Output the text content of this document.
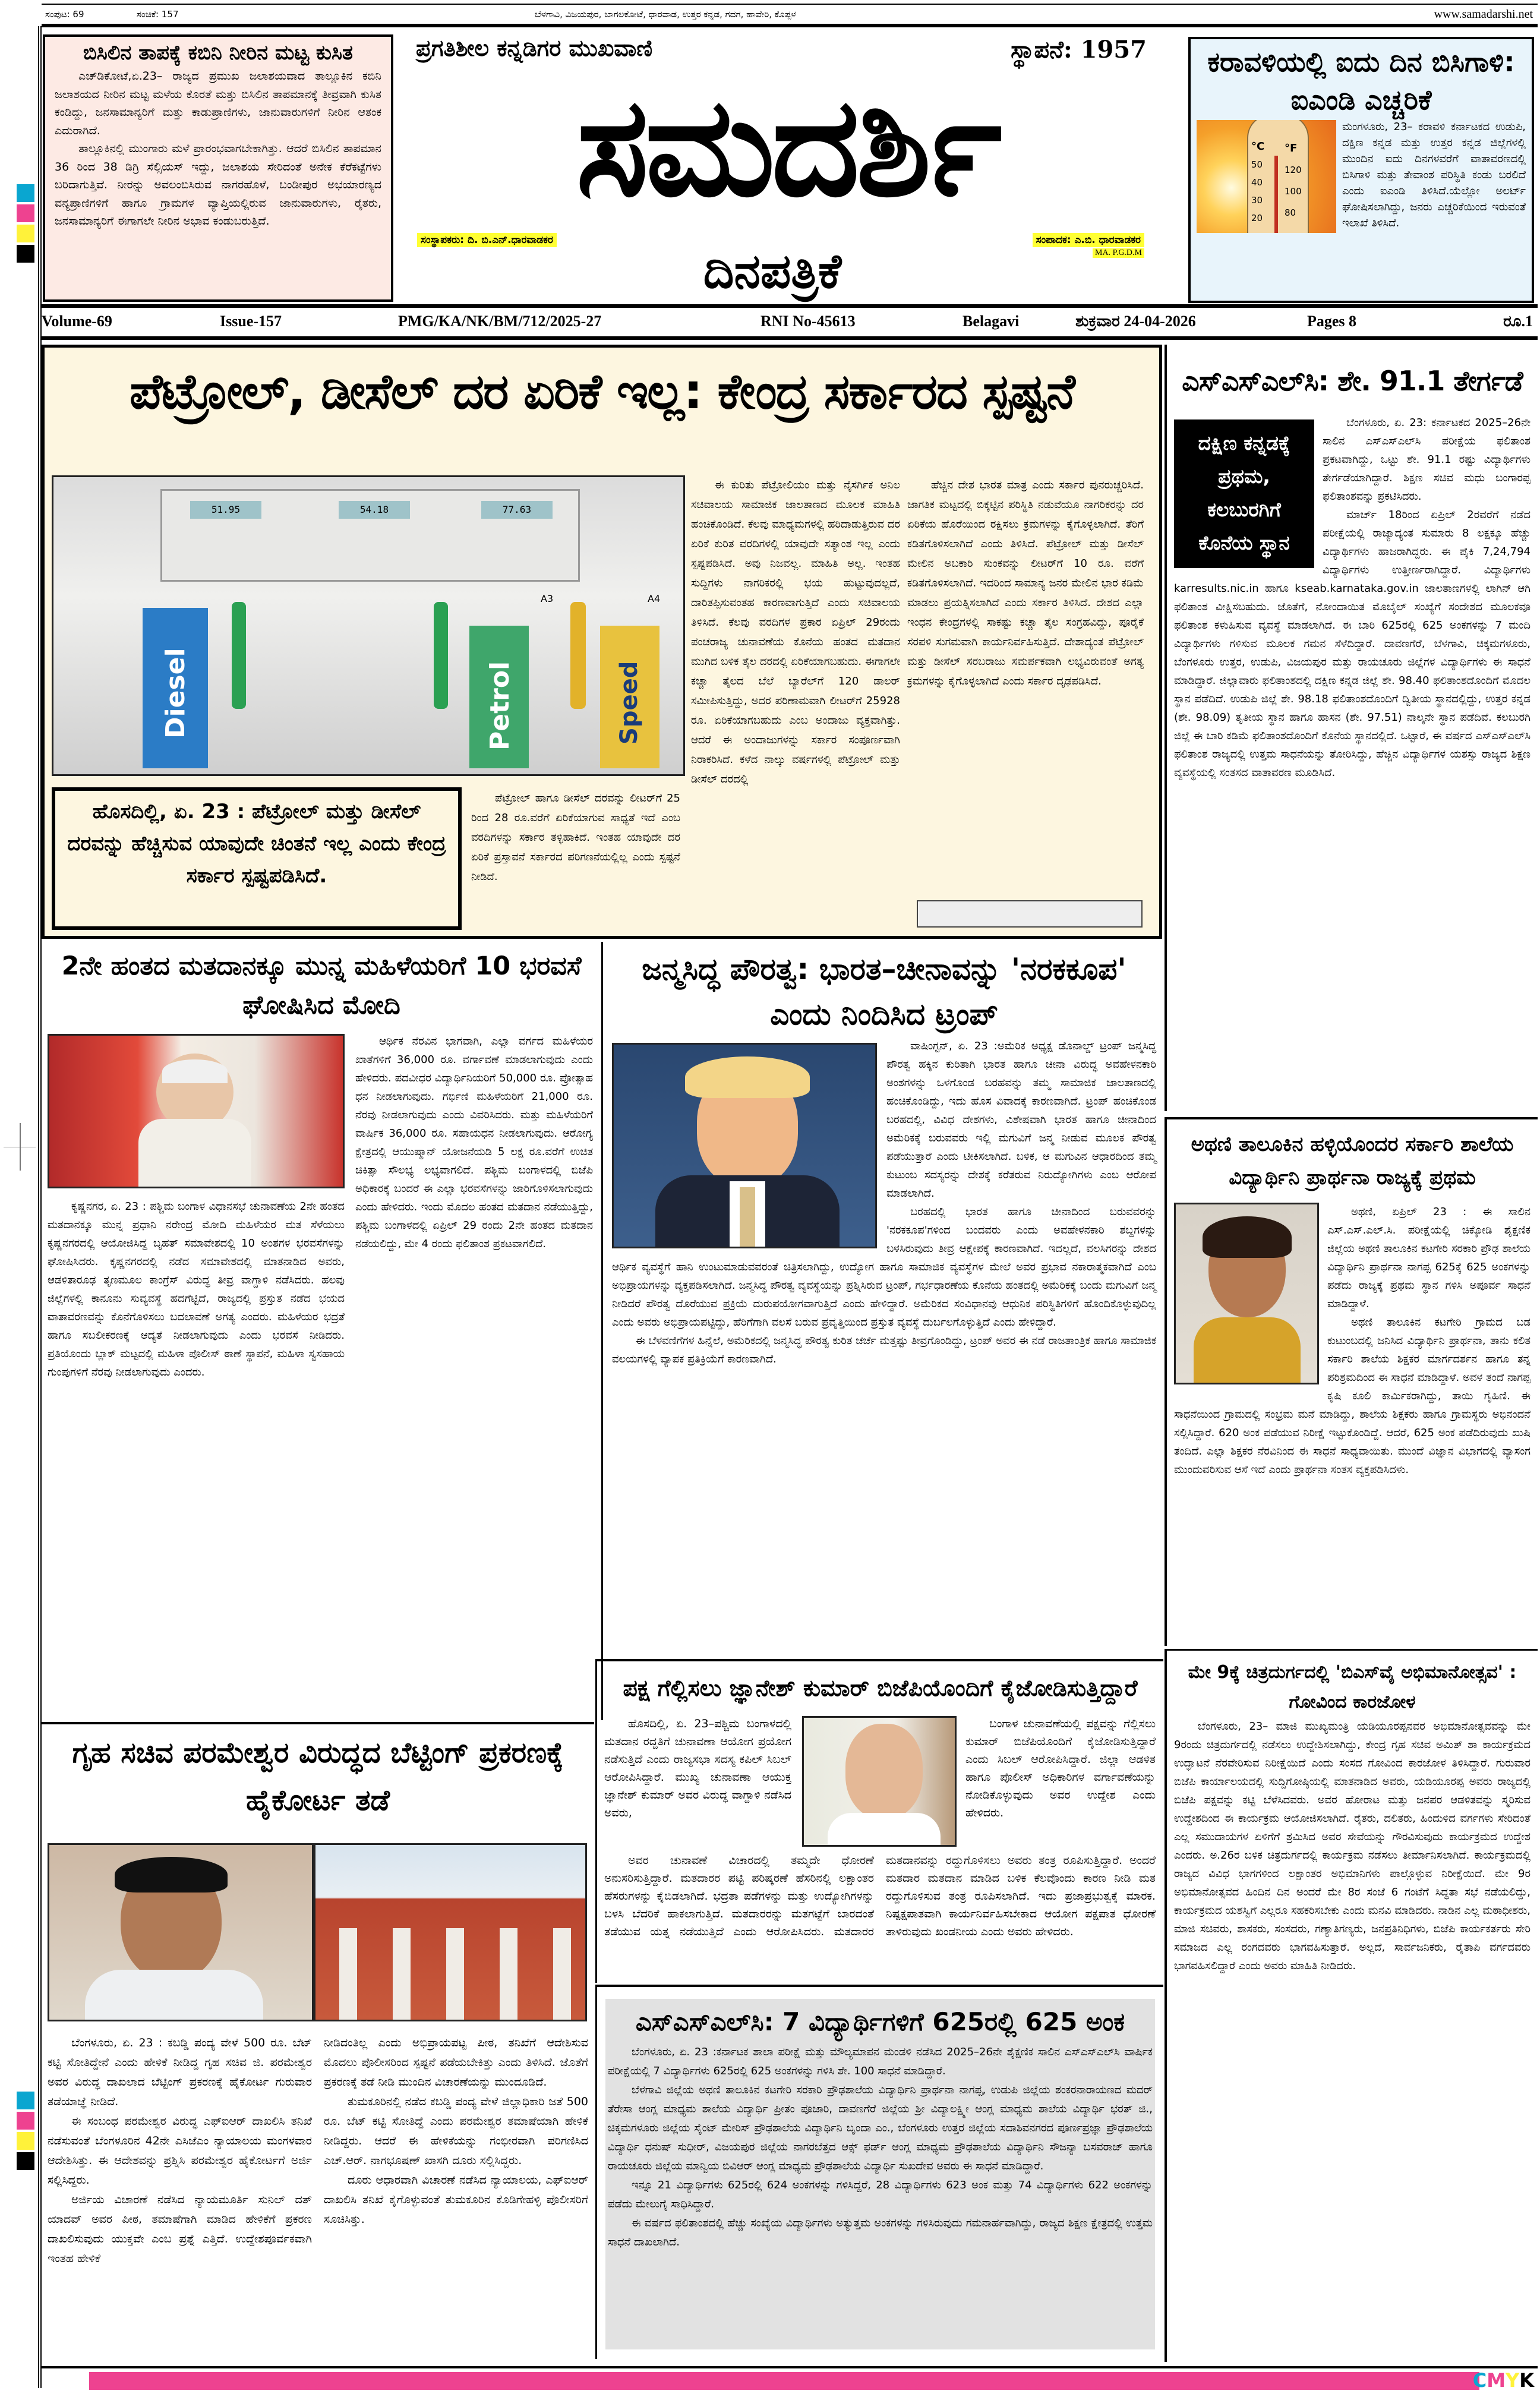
ಸಂಪುಟ: 69	ಸಂಚಿಕೆ: 157	ಬೆಳಗಾವಿ, ವಿಜಯಪುರ, ಬಾಗಲಕೋಟೆ, ಧಾರವಾಡ, ಉತ್ತರ ಕನ್ನಡ, ಗದಗ, ಹಾವೇರಿ, ಕೊಪ್ಪಳ	www.samadarshi.net
ಬಿಸಿಲಿನ ತಾಪಕ್ಕೆ ಕಬಿನಿ ನೀರಿನ ಮಟ್ಟ ಕುಸಿತ

ಎಚ್‌ಡಿಕೋಟೆ,ಏ.23– ರಾಜ್ಯದ ಪ್ರಮುಖ ಜಲಾಶಯವಾದ ತಾಲ್ಲೂಕಿನ ಕಬಿನಿ ಜಲಾಶಯದ ನೀರಿನ ಮಟ್ಟ ಮಳೆಯ ಕೊರತೆ ಮತ್ತು ಬಿಸಿಲಿನ ತಾಪಮಾನಕ್ಕೆ ತೀವ್ರವಾಗಿ ಕುಸಿತ ಕಂಡಿದ್ದು, ಜನಸಾಮಾನ್ಯರಿಗೆ ಮತ್ತು ಕಾಡುಪ್ರಾಣಿಗಳು, ಜಾನುವಾರುಗಳಿಗೆ ನೀರಿನ ಆತಂಕ ಎದುರಾಗಿದೆ.

ತಾಲ್ಲೂಕಿನಲ್ಲಿ ಮುಂಗಾರು ಮಳೆ ಪ್ರಾರಂಭವಾಗಬೇಕಾಗಿತ್ತು. ಆದರೆ ಬಿಸಿಲಿನ ತಾಪಮಾನ 36 ರಿಂದ 38 ಡಿಗ್ರಿ ಸೆಲ್ಸಿಯಸ್ ಇದ್ದು, ಜಲಾಶಯ ಸೇರಿದಂತೆ ಅನೇಕ ಕೆರೆಕಟ್ಟೆಗಳು ಬರಿದಾಗುತ್ತಿವೆ. ನೀರನ್ನು ಅವಲಂಬಿಸಿರುವ ನಾಗರಹೊಳೆ, ಬಂಡೀಪುರ ಅಭಯಾರಣ್ಯದ ವನ್ಯಪ್ರಾಣಿಗಳಿಗೆ ಹಾಗೂ ಗ್ರಾಮಗಳ ವ್ಯಾಪ್ತಿಯಲ್ಲಿರುವ ಜಾನುವಾರುಗಳು, ರೈತರು, ಜನಸಾಮಾನ್ಯರಿಗೆ ಈಗಾಗಲೇ ನೀರಿನ ಅಭಾವ ಕಂಡುಬರುತ್ತಿದೆ.

ಪ್ರಗತಿಶೀಲ ಕನ್ನಡಿಗರ ಮುಖವಾಣಿ	ಸ್ಥಾಪನೆ: 1957
ಸಮದರ್ಶಿ
ಸಂಸ್ಥಾಪಕರು: ದಿ. ಬಿ.ಎನ್.ಧಾರವಾಡಕರ
ದಿನಪತ್ರಿಕೆ
ಸಂಪಾದಕ: ಎ.ಬಿ. ಧಾರವಾಡಕರ
MA. P.G.D.M
ಕರಾವಳಿಯಲ್ಲಿ ಐದು ದಿನ ಬಿಸಿಗಾಳಿ: ಐಎಂಡಿ ಎಚ್ಚರಿಕೆ
°C
50
40
30
20
°F
120
100
80
ಮಂಗಳೂರು, 23– ಕರಾವಳಿ ಕರ್ನಾಟಕದ ಉಡುಪಿ, ದಕ್ಷಿಣ ಕನ್ನಡ ಮತ್ತು ಉತ್ತರ ಕನ್ನಡ ಜಿಲ್ಲೆಗಳಲ್ಲಿ ಮುಂದಿನ ಐದು ದಿನಗಳವರೆಗೆ ವಾತಾವರಣದಲ್ಲಿ ಬಿಸಿಗಾಳಿ ಮತ್ತು ತೇವಾಂಶ ಪರಿಸ್ಥಿತಿ ಕಂಡು ಬರಲಿದೆ ಎಂದು ಐಎಂಡಿ ತಿಳಿಸಿದೆ.ಯೆಲ್ಲೋ ಅಲರ್ಟ್ ಘೋಷಿಸಲಾಗಿದ್ದು, ಜನರು ಎಚ್ಚರಿಕೆಯಿಂದ ಇರುವಂತೆ ಇಲಾಖೆ ತಿಳಿಸಿದೆ.
Volume-69	Issue-157	PMG/KA/NK/BM/712/2025-27	RNI No-45613	Belagavi	ಶುಕ್ರವಾರ 24-04-2026	Pages 8	ರೂ.1
ಪೆಟ್ರೋಲ್, ಡೀಸೆಲ್ ದರ ಏರಿಕೆ ಇಲ್ಲ: ಕೇಂದ್ರ ಸರ್ಕಾರದ ಸ್ಪಷ್ಟನೆ
51.95	54.18	77.63
Diesel	Petrol	Speed
A3	A4
ಹೊಸದಿಲ್ಲಿ, ಏ. 23 : ಪೆಟ್ರೋಲ್ ಮತ್ತು ಡೀಸೆಲ್ ದರವನ್ನು ಹೆಚ್ಚಿಸುವ ಯಾವುದೇ ಚಿಂತನೆ ಇಲ್ಲ ಎಂದು ಕೇಂದ್ರ ಸರ್ಕಾರ ಸ್ಪಷ್ಟಪಡಿಸಿದೆ.
ಪೆಟ್ರೋಲ್ ಹಾಗೂ ಡೀಸೆಲ್ ದರವನ್ನು ಲೀಟರ್‌ಗೆ 25 ರಿಂದ 28 ರೂ.ವರೆಗೆ ಏರಿಕೆಯಾಗುವ ಸಾಧ್ಯತೆ ಇದೆ ಎಂಬ ವರದಿಗಳನ್ನು ಸರ್ಕಾರ ತಳ್ಳಿಹಾಕಿದೆ. ಇಂತಹ ಯಾವುದೇ ದರ ಏರಿಕೆ ಪ್ರಸ್ತಾವನೆ ಸರ್ಕಾರದ ಪರಿಗಣನೆಯಲ್ಲಿಲ್ಲ ಎಂದು ಸ್ಪಷ್ಟನೆ ನೀಡಿದೆ.
ಈ ಕುರಿತು ಪೆಟ್ರೋಲಿಯಂ ಮತ್ತು ನೈಸರ್ಗಿಕ ಅನಿಲ ಸಚಿವಾಲಯ ಸಾಮಾಜಿಕ ಜಾಲತಾಣದ ಮೂಲಕ ಮಾಹಿತಿ ಹಂಚಿಕೊಂಡಿದೆ. ಕೆಲವು ಮಾಧ್ಯಮಗಳಲ್ಲಿ ಹರಿದಾಡುತ್ತಿರುವ ದರ ಏರಿಕೆ ಕುರಿತ ವರದಿಗಳಲ್ಲಿ ಯಾವುದೇ ಸತ್ಯಾಂಶ ಇಲ್ಲ ಎಂದು ಸ್ಪಷ್ಟಪಡಿಸಿದೆ. ಅವು ನಿಜವಲ್ಲ. ಮಾಹಿತಿ ಅಲ್ಲ. ಇಂತಹ ಸುದ್ದಿಗಳು ನಾಗರಿಕರಲ್ಲಿ ಭಯ ಹುಟ್ಟುವುದಲ್ಲದೆ, ದಾರಿತಪ್ಪಿಸುವಂತಹ ಕಾರಣವಾಗುತ್ತಿದೆ ಎಂದು ಸಚಿವಾಲಯ ತಿಳಿಸಿದೆ. ಕೆಲವು ವರದಿಗಳ ಪ್ರಕಾರ ಏಪ್ರಿಲ್ 29ರಂದು ಪಂಚರಾಜ್ಯ ಚುನಾವಣೆಯ ಕೊನೆಯ ಹಂತದ ಮತದಾನ ಮುಗಿದ ಬಳಿಕ ತೈಲ ದರದಲ್ಲಿ ಏರಿಕೆಯಾಗಬಹುದು. ಈಗಾಗಲೇ ಕಚ್ಚಾ ತೈಲದ ಬೆಲೆ ಬ್ಯಾರೆಲ್‌ಗೆ 120 ಡಾಲರ್ ಸಮೀಪಿಸುತ್ತಿದ್ದು, ಅದರ ಪರಿಣಾಮವಾಗಿ ಲೀಟರ್‌ಗೆ 25928 ರೂ. ಏರಿಕೆಯಾಗಬಹುದು ಎಂಬ ಅಂದಾಜು ವ್ಯಕ್ತವಾಗಿತ್ತು. ಆದರೆ ಈ ಅಂದಾಜುಗಳನ್ನು ಸರ್ಕಾರ ಸಂಪೂರ್ಣವಾಗಿ ನಿರಾಕರಿಸಿದೆ. ಕಳೆದ ನಾಲ್ಕು ವರ್ಷಗಳಲ್ಲಿ ಪೆಟ್ರೋಲ್ ಮತ್ತು ಡೀಸೆಲ್ ದರದಲ್ಲಿ
ಹೆಚ್ಚಿನ ದೇಶ ಭಾರತ ಮಾತ್ರ ಎಂದು ಸರ್ಕಾರ ಪುನರುಚ್ಚರಿಸಿದೆ. ಜಾಗತಿಕ ಮಟ್ಟದಲ್ಲಿ ಬಿಕ್ಕಟ್ಟಿನ ಪರಿಸ್ಥಿತಿ ನಡುವೆಯೂ ನಾಗರಿಕರನ್ನು ದರ ಏರಿಕೆಯ ಹೊರೆಯಿಂದ ರಕ್ಷಿಸಲು ಕ್ರಮಗಳನ್ನು ಕೈಗೊಳ್ಳಲಾಗಿದೆ. ತೆರಿಗೆ ಕಡಿತಗೊಳಿಸಲಾಗಿದೆ ಎಂದು ತಿಳಿಸಿದೆ. ಪೆಟ್ರೋಲ್ ಮತ್ತು ಡೀಸೆಲ್ ಮೇಲಿನ ಅಬಕಾರಿ ಸುಂಕವನ್ನು ಲೀಟರ್‌ಗೆ 10 ರೂ. ವರೆಗೆ ಕಡಿತಗೊಳಿಸಲಾಗಿದೆ. ಇದರಿಂದ ಸಾಮಾನ್ಯ ಜನರ ಮೇಲಿನ ಭಾರ ಕಡಿಮೆ ಮಾಡಲು ಪ್ರಯತ್ನಿಸಲಾಗಿದೆ ಎಂದು ಸರ್ಕಾರ ತಿಳಿಸಿದೆ. ದೇಶದ ಎಲ್ಲಾ ಇಂಧನ ಕೇಂದ್ರಗಳಲ್ಲಿ ಸಾಕಷ್ಟು ಕಚ್ಚಾ ತೈಲ ಸಂಗ್ರಹವಿದ್ದು, ಪೂರೈಕೆ ಸರಪಳಿ ಸುಗಮವಾಗಿ ಕಾರ್ಯನಿರ್ವಹಿಸುತ್ತಿದೆ. ದೇಶಾದ್ಯಂತ ಪೆಟ್ರೋಲ್ ಮತ್ತು ಡೀಸೆಲ್ ಸರಬರಾಜು ಸಮರ್ಪಕವಾಗಿ ಲಭ್ಯವಿರುವಂತೆ ಅಗತ್ಯ ಕ್ರಮಗಳನ್ನು ಕೈಗೊಳ್ಳಲಾಗಿದೆ ಎಂದು ಸರ್ಕಾರ ದೃಢಪಡಿಸಿದೆ.
ಎಸ್‌ಎಸ್‌ಎಲ್‌ಸಿ: ಶೇ. 91.1 ತೇರ್ಗಡೆ
ದಕ್ಷಿಣ ಕನ್ನಡಕ್ಕೆ ಪ್ರಥಮ, ಕಲಬುರಗಿಗೆ ಕೊನೆಯ ಸ್ಥಾನ

ಬೆಂಗಳೂರು, ಏ. 23: ಕರ್ನಾಟಕದ 2025–26ನೇ ಸಾಲಿನ ಎಸ್‌ಎಸ್‌ಎಲ್‌ಸಿ ಪರೀಕ್ಷೆಯ ಫಲಿತಾಂಶ ಪ್ರಕಟವಾಗಿದ್ದು, ಒಟ್ಟು ಶೇ. 91.1 ರಷ್ಟು ವಿದ್ಯಾರ್ಥಿಗಳು ತೇರ್ಗಡೆಯಾಗಿದ್ದಾರೆ. ಶಿಕ್ಷಣ ಸಚಿವ ಮಧು ಬಂಗಾರಪ್ಪ ಫಲಿತಾಂಶವನ್ನು ಪ್ರಕಟಿಸಿದರು.

ಮಾರ್ಚ್ 18ರಿಂದ ಏಪ್ರಿಲ್ 2ರವರೆಗೆ ನಡೆದ ಪರೀಕ್ಷೆಯಲ್ಲಿ ರಾಜ್ಯಾದ್ಯಂತ ಸುಮಾರು 8 ಲಕ್ಷಕ್ಕೂ ಹೆಚ್ಚು ವಿದ್ಯಾರ್ಥಿಗಳು ಹಾಜರಾಗಿದ್ದರು. ಈ ಪೈಕಿ 7,24,794 ವಿದ್ಯಾರ್ಥಿಗಳು ಉತ್ತೀರ್ಣರಾಗಿದ್ದಾರೆ. ವಿದ್ಯಾರ್ಥಿಗಳು karresults.nic.in ಹಾಗೂ kseab.karnataka.gov.in ಜಾಲತಾಣಗಳಲ್ಲಿ ಲಾಗಿನ್ ಆಗಿ ಫಲಿತಾಂಶ ವೀಕ್ಷಿಸಬಹುದು. ಜೊತೆಗೆ, ನೋಂದಾಯಿತ ಮೊಬೈಲ್ ಸಂಖ್ಯೆಗೆ ಸಂದೇಶದ ಮೂಲಕವೂ ಫಲಿತಾಂಶ ಕಳುಹಿಸುವ ವ್ಯವಸ್ಥೆ ಮಾಡಲಾಗಿದೆ. ಈ ಬಾರಿ 625ರಲ್ಲಿ 625 ಅಂಕಗಳನ್ನು 7 ಮಂದಿ ವಿದ್ಯಾರ್ಥಿಗಳು ಗಳಿಸುವ ಮೂಲಕ ಗಮನ ಸೆಳೆದಿದ್ದಾರೆ. ದಾವಣಗೆರೆ, ಬೆಳಗಾವಿ, ಚಿಕ್ಕಮಗಳೂರು, ಬೆಂಗಳೂರು ಉತ್ತರ, ಉಡುಪಿ, ವಿಜಯಪುರ ಮತ್ತು ರಾಯಚೂರು ಜಿಲ್ಲೆಗಳ ವಿದ್ಯಾರ್ಥಿಗಳು ಈ ಸಾಧನೆ ಮಾಡಿದ್ದಾರೆ. ಜಿಲ್ಲಾವಾರು ಫಲಿತಾಂಶದಲ್ಲಿ ದಕ್ಷಿಣ ಕನ್ನಡ ಜಿಲ್ಲೆ ಶೇ. 98.40 ಫಲಿತಾಂಶದೊಂದಿಗೆ ಮೊದಲ ಸ್ಥಾನ ಪಡೆದಿದೆ. ಉಡುಪಿ ಜಿಲ್ಲೆ ಶೇ. 98.18 ಫಲಿತಾಂಶದೊಂದಿಗೆ ದ್ವಿತೀಯ ಸ್ಥಾನದಲ್ಲಿದ್ದು, ಉತ್ತರ ಕನ್ನಡ (ಶೇ. 98.09) ತೃತೀಯ ಸ್ಥಾನ ಹಾಗೂ ಹಾಸನ (ಶೇ. 97.51) ನಾಲ್ಕನೇ ಸ್ಥಾನ ಪಡೆದಿವೆ. ಕಲಬುರಗಿ ಜಿಲ್ಲೆ ಈ ಬಾರಿ ಕಡಿಮೆ ಫಲಿತಾಂಶದೊಂದಿಗೆ ಕೊನೆಯ ಸ್ಥಾನದಲ್ಲಿದೆ. ಒಟ್ಟಾರೆ, ಈ ವರ್ಷದ ಎಸ್‌ಎಸ್‌ಎಲ್‌ಸಿ ಫಲಿತಾಂಶ ರಾಜ್ಯದಲ್ಲಿ ಉತ್ತಮ ಸಾಧನೆಯನ್ನು ತೋರಿಸಿದ್ದು, ಹೆಚ್ಚಿನ ವಿದ್ಯಾರ್ಥಿಗಳ ಯಶಸ್ಸು ರಾಜ್ಯದ ಶಿಕ್ಷಣ ವ್ಯವಸ್ಥೆಯಲ್ಲಿ ಸಂತಸದ ವಾತಾವರಣ ಮೂಡಿಸಿದೆ.

2ನೇ ಹಂತದ ಮತದಾನಕ್ಕೂ ಮುನ್ನ ಮಹಿಳೆಯರಿಗೆ 10 ಭರವಸೆ ಘೋಷಿಸಿದ ಮೋದಿ
ಆರ್ಥಿಕ ನೆರವಿನ ಭಾಗವಾಗಿ, ಎಲ್ಲಾ ವರ್ಗದ ಮಹಿಳೆಯರ ಖಾತೆಗಳಿಗೆ 36,000 ರೂ. ವರ್ಗಾವಣೆ ಮಾಡಲಾಗುವುದು ಎಂದು ಹೇಳಿದರು. ಪದವೀಧರ ವಿದ್ಯಾರ್ಥಿನಿಯರಿಗೆ 50,000 ರೂ. ಪ್ರೋತ್ಸಾಹ ಧನ ನೀಡಲಾಗುವುದು. ಗರ್ಭಿಣಿ ಮಹಿಳೆಯರಿಗೆ 21,000 ರೂ. ನೆರವು ನೀಡಲಾಗುವುದು ಎಂದು ವಿವರಿಸಿದರು. ಮತ್ತು ಮಹಿಳೆಯರಿಗೆ ವಾರ್ಷಿಕ 36,000 ರೂ. ಸಹಾಯಧನ ನೀಡಲಾಗುವುದು. ಆರೋಗ್ಯ ಕ್ಷೇತ್ರದಲ್ಲಿ ಆಯುಷ್ಮಾನ್ ಯೋಜನೆಯಡಿ 5 ಲಕ್ಷ ರೂ.ವರೆಗೆ ಉಚಿತ ಚಿಕಿತ್ಸಾ ಸೌಲಭ್ಯ ಲಭ್ಯವಾಗಲಿದೆ. ಪಶ್ಚಿಮ ಬಂಗಾಳದಲ್ಲಿ ಬಿಜೆಪಿ ಅಧಿಕಾರಕ್ಕೆ ಬಂದರೆ ಈ ಎಲ್ಲಾ ಭರವಸೆಗಳನ್ನು ಜಾರಿಗೊಳಿಸಲಾಗುವುದು ಎಂದು ಹೇಳಿದರು. ಇಂದು ಮೊದಲ ಹಂತದ ಮತದಾನ ನಡೆಯುತ್ತಿದ್ದು, ಪಶ್ಚಿಮ ಬಂಗಾಳದಲ್ಲಿ ಏಪ್ರಿಲ್ 29 ರಂದು 2ನೇ ಹಂತದ ಮತದಾನ ನಡೆಯಲಿದ್ದು, ಮೇ 4 ರಂದು ಫಲಿತಾಂಶ ಪ್ರಕಟವಾಗಲಿದೆ.
ಕೃಷ್ಣನಗರ, ಏ. 23 : ಪಶ್ಚಿಮ ಬಂಗಾಳ ವಿಧಾನಸಭೆ ಚುನಾವಣೆಯ 2ನೇ ಹಂತದ ಮತದಾನಕ್ಕೂ ಮುನ್ನ ಪ್ರಧಾನಿ ನರೇಂದ್ರ ಮೋದಿ ಮಹಿಳೆಯರ ಮತ ಸೆಳೆಯಲು ಕೃಷ್ಣನಗರದಲ್ಲಿ ಆಯೋಜಿಸಿದ್ದ ಬೃಹತ್ ಸಮಾವೇಶದಲ್ಲಿ 10 ಅಂಶಗಳ ಭರವಸೆಗಳನ್ನು ಘೋಷಿಸಿದರು. ಕೃಷ್ಣನಗರದಲ್ಲಿ ನಡೆದ ಸಮಾವೇಶದಲ್ಲಿ ಮಾತನಾಡಿದ ಅವರು, ಆಡಳಿತಾರೂಢ ತೃಣಮೂಲ ಕಾಂಗ್ರೆಸ್ ವಿರುದ್ಧ ತೀವ್ರ ವಾಗ್ದಾಳಿ ನಡೆಸಿದರು. ಹಲವು ಜಿಲ್ಲೆಗಳಲ್ಲಿ ಕಾನೂನು ಸುವ್ಯವಸ್ಥೆ ಹದಗೆಟ್ಟಿದೆ, ರಾಜ್ಯದಲ್ಲಿ ಪ್ರಸ್ತುತ ನಡೆದ ಭಯದ ವಾತಾವರಣವನ್ನು ಕೊನೆಗೊಳಿಸಲು ಬದಲಾವಣೆ ಅಗತ್ಯ ಎಂದರು. ಮಹಿಳೆಯರ ಭದ್ರತೆ ಹಾಗೂ ಸಬಲೀಕರಣಕ್ಕೆ ಆದ್ಯತೆ ನೀಡಲಾಗುವುದು ಎಂದು ಭರವಸೆ ನೀಡಿದರು. ಪ್ರತಿಯೊಂದು ಬ್ಲಾಕ್ ಮಟ್ಟದಲ್ಲಿ ಮಹಿಳಾ ಪೊಲೀಸ್ ಠಾಣೆ ಸ್ಥಾಪನೆ, ಮಹಿಳಾ ಸ್ವಸಹಾಯ ಗುಂಪುಗಳಿಗೆ ನೆರವು ನೀಡಲಾಗುವುದು ಎಂದರು.
ಜನ್ಮಸಿದ್ಧ ಪೌರತ್ವ: ಭಾರತ–ಚೀನಾವನ್ನು 'ನರಕಕೂಪ' ಎಂದು ನಿಂದಿಸಿದ ಟ್ರಂಪ್

ವಾಷಿಂಗ್ಟನ್, ಏ. 23 :ಅಮೆರಿಕ ಅಧ್ಯಕ್ಷ ಡೊನಾಲ್ಡ್ ಟ್ರಂಪ್ ಜನ್ಮಸಿದ್ಧ ಪೌರತ್ವ ಹಕ್ಕಿನ ಕುರಿತಾಗಿ ಭಾರತ ಹಾಗೂ ಚೀನಾ ವಿರುದ್ಧ ಅವಹೇಳನಕಾರಿ ಅಂಶಗಳನ್ನು ಒಳಗೊಂಡ ಬರಹವನ್ನು ತಮ್ಮ ಸಾಮಾಜಿಕ ಜಾಲತಾಣದಲ್ಲಿ ಹಂಚಿಕೊಂಡಿದ್ದು, ಇದು ಹೊಸ ವಿವಾದಕ್ಕೆ ಕಾರಣವಾಗಿದೆ. ಟ್ರಂಪ್ ಹಂಚಿಕೊಂಡ ಬರಹದಲ್ಲಿ, ವಿವಿಧ ದೇಶಗಳು, ವಿಶೇಷವಾಗಿ ಭಾರತ ಹಾಗೂ ಚೀನಾದಿಂದ ಅಮೆರಿಕಕ್ಕೆ ಬರುವವರು ಇಲ್ಲಿ ಮಗುವಿಗೆ ಜನ್ಮ ನೀಡುವ ಮೂಲಕ ಪೌರತ್ವ ಪಡೆಯುತ್ತಾರೆ ಎಂದು ಟೀಕಿಸಲಾಗಿದೆ. ಬಳಿಕ, ಆ ಮಗುವಿನ ಆಧಾರದಿಂದ ತಮ್ಮ ಕುಟುಂಬ ಸದಸ್ಯರನ್ನು ದೇಶಕ್ಕೆ ಕರೆತರುವ ನಿರುದ್ಯೋಗಿಗಳು ಎಂಬ ಆರೋಪ ಮಾಡಲಾಗಿದೆ.

ಬರಹದಲ್ಲಿ ಭಾರತ ಹಾಗೂ ಚೀನಾದಿಂದ ಬರುವವರನ್ನು 'ನರಕಕೂಪ'ಗಳಿಂದ ಬಂದವರು ಎಂದು ಅವಹೇಳನಕಾರಿ ಶಬ್ದಗಳನ್ನು ಬಳಸಿರುವುದು ತೀವ್ರ ಆಕ್ಷೇಪಕ್ಕೆ ಕಾರಣವಾಗಿದೆ. ಇದಲ್ಲದೆ, ವಲಸಿಗರನ್ನು ದೇಶದ ಆರ್ಥಿಕ ವ್ಯವಸ್ಥೆಗೆ ಹಾನಿ ಉಂಟುಮಾಡುವವರಂತೆ ಚಿತ್ರಿಸಲಾಗಿದ್ದು, ಉದ್ಯೋಗ ಹಾಗೂ ಸಾಮಾಜಿಕ ವ್ಯವಸ್ಥೆಗಳ ಮೇಲೆ ಅವರ ಪ್ರಭಾವ ನಕಾರಾತ್ಮಕವಾಗಿದೆ ಎಂಬ ಅಭಿಪ್ರಾಯಗಳನ್ನು ವ್ಯಕ್ತಪಡಿಸಲಾಗಿದೆ. ಜನ್ಮಸಿದ್ಧ ಪೌರತ್ವ ವ್ಯವಸ್ಥೆಯನ್ನು ಪ್ರಶ್ನಿಸಿರುವ ಟ್ರಂಪ್, ಗರ್ಭಧಾರಣೆಯ ಕೊನೆಯ ಹಂತದಲ್ಲಿ ಅಮೆರಿಕಕ್ಕೆ ಬಂದು ಮಗುವಿಗೆ ಜನ್ಮ ನೀಡಿದರೆ ಪೌರತ್ವ ದೊರೆಯುವ ಪ್ರಕ್ರಿಯೆ ದುರುಪಯೋಗವಾಗುತ್ತಿದೆ ಎಂದು ಹೇಳಿದ್ದಾರೆ. ಅಮೆರಿಕದ ಸಂವಿಧಾನವು ಆಧುನಿಕ ಪರಿಸ್ಥಿತಿಗಳಿಗೆ ಹೊಂದಿಕೊಳ್ಳುವುದಿಲ್ಲ ಎಂದು ಅವರು ಅಭಿಪ್ರಾಯಪಟ್ಟಿದ್ದು, ಹೆರಿಗೆಗಾಗಿ ವಲಸೆ ಬರುವ ಪ್ರವೃತ್ತಿಯಿಂದ ಪ್ರಸ್ತುತ ವ್ಯವಸ್ಥೆ ದುರ್ಬಲಗೊಳ್ಳುತ್ತಿದೆ ಎಂದು ಹೇಳಿದ್ದಾರೆ.

ಈ ಬೆಳವಣಿಗೆಗಳ ಹಿನ್ನೆಲೆ, ಅಮೆರಿಕದಲ್ಲಿ ಜನ್ಮಸಿದ್ಧ ಪೌರತ್ವ ಕುರಿತ ಚರ್ಚೆ ಮತ್ತಷ್ಟು ತೀವ್ರಗೊಂಡಿದ್ದು, ಟ್ರಂಪ್ ಅವರ ಈ ನಡೆ ರಾಜತಾಂತ್ರಿಕ ಹಾಗೂ ಸಾಮಾಜಿಕ ವಲಯಗಳಲ್ಲಿ ವ್ಯಾಪಕ ಪ್ರತಿಕ್ರಿಯೆಗೆ ಕಾರಣವಾಗಿದೆ.

ಅಥಣಿ ತಾಲೂಕಿನ ಹಳ್ಳಿಯೊಂದರ ಸರ್ಕಾರಿ ಶಾಲೆಯ ವಿದ್ಯಾರ್ಥಿನಿ ಪ್ರಾರ್ಥನಾ ರಾಜ್ಯಕ್ಕೆ ಪ್ರಥಮ

ಅಥಣಿ, ಏಪ್ರಿಲ್ 23 : ಈ ಸಾಲಿನ ಎಸ್.ಎಸ್.ಎಲ್.ಸಿ. ಪರೀಕ್ಷೆಯಲ್ಲಿ ಚಿಕ್ಕೋಡಿ ಶೈಕ್ಷಣಿಕ ಜಿಲ್ಲೆಯ ಅಥಣಿ ತಾಲೂಕಿನ ಕಟಗೇರಿ ಸರಕಾರಿ ಪ್ರೌಢ ಶಾಲೆಯ ವಿದ್ಯಾರ್ಥಿನಿ ಪ್ರಾರ್ಥನಾ ನಾಗಪ್ಪ 625ಕ್ಕೆ 625 ಅಂಕಗಳನ್ನು ಪಡೆದು ರಾಜ್ಯಕ್ಕೆ ಪ್ರಥಮ ಸ್ಥಾನ ಗಳಿಸಿ ಅಪೂರ್ವ ಸಾಧನೆ ಮಾಡಿದ್ದಾಳೆ.

ಅಥಣಿ ತಾಲೂಕಿನ ಕಟಗೇರಿ ಗ್ರಾಮದ ಬಡ ಕುಟುಂಬದಲ್ಲಿ ಜನಿಸಿದ ವಿದ್ಯಾರ್ಥಿನಿ ಪ್ರಾರ್ಥನಾ, ತಾನು ಕಲಿತ ಸರ್ಕಾರಿ ಶಾಲೆಯ ಶಿಕ್ಷಕರ ಮಾರ್ಗದರ್ಶನ ಹಾಗೂ ತನ್ನ ಪರಿಶ್ರಮದಿಂದ ಈ ಸಾಧನೆ ಮಾಡಿದ್ದಾಳೆ. ಅವಳ ತಂದೆ ನಾಗಪ್ಪ ಕೃಷಿ ಕೂಲಿ ಕಾರ್ಮಿಕರಾಗಿದ್ದು, ತಾಯಿ ಗೃಹಿಣಿ. ಈ ಸಾಧನೆಯಿಂದ ಗ್ರಾಮದಲ್ಲಿ ಸಂಭ್ರಮ ಮನೆ ಮಾಡಿದ್ದು, ಶಾಲೆಯ ಶಿಕ್ಷಕರು ಹಾಗೂ ಗ್ರಾಮಸ್ಥರು ಅಭಿನಂದನೆ ಸಲ್ಲಿಸಿದ್ದಾರೆ. 620 ಅಂಕ ಪಡೆಯುವ ನಿರೀಕ್ಷೆ ಇಟ್ಟುಕೊಂಡಿದ್ದೆ. ಆದರೆ, 625 ಅಂಕ ಪಡೆದಿರುವುದು ಖುಷಿ ತಂದಿದೆ. ಎಲ್ಲಾ ಶಿಕ್ಷಕರ ನೆರವಿನಿಂದ ಈ ಸಾಧನೆ ಸಾಧ್ಯವಾಯಿತು. ಮುಂದೆ ವಿಜ್ಞಾನ ವಿಭಾಗದಲ್ಲಿ ವ್ಯಾಸಂಗ ಮುಂದುವರಿಸುವ ಆಸೆ ಇದೆ ಎಂದು ಪ್ರಾರ್ಥನಾ ಸಂತಸ ವ್ಯಕ್ತಪಡಿಸಿದಳು.

ಪಕ್ಷ ಗೆಲ್ಲಿಸಲು ಜ್ಞಾನೇಶ್ ಕುಮಾರ್ ಬಿಜೆಪಿಯೊಂದಿಗೆ ಕೈಜೋಡಿಸುತ್ತಿದ್ದಾರೆ
ಹೊಸದಿಲ್ಲಿ, ಏ. 23–ಪಶ್ಚಿಮ ಬಂಗಾಳದಲ್ಲಿ ಮತದಾನ ರದ್ದತಿಗೆ ಚುನಾವಣಾ ಆಯೋಗ ಪ್ರಯೋಗ ನಡೆಸುತ್ತಿದೆ ಎಂದು ರಾಜ್ಯಸಭಾ ಸದಸ್ಯ ಕಪಿಲ್ ಸಿಬಲ್ ಆರೋಪಿಸಿದ್ದಾರೆ. ಮುಖ್ಯ ಚುನಾವಣಾ ಆಯುಕ್ತ ಜ್ಞಾನೇಶ್ ಕುಮಾರ್ ಅವರ ವಿರುದ್ಧ ವಾಗ್ದಾಳಿ ನಡೆಸಿದ ಅವರು,
ಬಂಗಾಳ ಚುನಾವಣೆಯಲ್ಲಿ ಪಕ್ಷವನ್ನು ಗೆಲ್ಲಿಸಲು ಕುಮಾರ್ ಬಿಜೆಪಿಯೊಂದಿಗೆ ಕೈಜೋಡಿಸುತ್ತಿದ್ದಾರೆ ಎಂದು ಸಿಬಲ್ ಆರೋಪಿಸಿದ್ದಾರೆ. ಜಿಲ್ಲಾ ಆಡಳಿತ ಹಾಗೂ ಪೊಲೀಸ್ ಅಧಿಕಾರಿಗಳ ವರ್ಗಾವಣೆಯನ್ನು ನೋಡಿಕೊಳ್ಳುವುದು ಅವರ ಉದ್ದೇಶ ಎಂದು ಹೇಳಿದರು.
ಅವರ ಚುನಾವಣೆ ವಿಚಾರದಲ್ಲಿ ತಮ್ಮದೇ ಧೋರಣೆ ಅನುಸರಿಸುತ್ತಿದ್ದಾರೆ. ಮತದಾರರ ಪಟ್ಟಿ ಪರಿಷ್ಕರಣೆ ಹೆಸರಿನಲ್ಲಿ ಲಕ್ಷಾಂತರ ಹೆಸರುಗಳನ್ನು ಕೈಬಿಡಲಾಗಿದೆ. ಭದ್ರತಾ ಪಡೆಗಳನ್ನು ಮತ್ತು ಉದ್ಯೋಗಿಗಳನ್ನು ಬಳಸಿ ಬೆದರಿಕೆ ಹಾಕಲಾಗುತ್ತಿದೆ. ಮತದಾರರನ್ನು ಮತಗಟ್ಟೆಗೆ ಬಾರದಂತೆ ತಡೆಯುವ ಯತ್ನ ನಡೆಯುತ್ತಿದೆ ಎಂದು ಆರೋಪಿಸಿದರು. ಮತದಾರರ ಮತದಾನವನ್ನು ರದ್ದುಗೊಳಿಸಲು ಅವರು ತಂತ್ರ ರೂಪಿಸುತ್ತಿದ್ದಾರೆ. ಅಂದರೆ ಮತದಾರ ಮತದಾನ ಮಾಡಿದ ಬಳಿಕ ಕೆಲವೊಂದು ಕಾರಣ ನೀಡಿ ಮತ ರದ್ದುಗೊಳಿಸುವ ತಂತ್ರ ರೂಪಿಸಲಾಗಿದೆ. ಇದು ಪ್ರಜಾಪ್ರಭುತ್ವಕ್ಕೆ ಮಾರಕ. ನಿಷ್ಪಕ್ಷಪಾತವಾಗಿ ಕಾರ್ಯನಿರ್ವಹಿಸಬೇಕಾದ ಆಯೋಗ ಪಕ್ಷಪಾತ ಧೋರಣೆ ತಾಳಿರುವುದು ಖಂಡನೀಯ ಎಂದು ಅವರು ಹೇಳಿದರು.
ಗೃಹ ಸಚಿವ ಪರಮೇಶ್ವರ ವಿರುದ್ಧದ ಬೆಟ್ಟಿಂಗ್ ಪ್ರಕರಣಕ್ಕೆ ಹೈಕೋರ್ಟ ತಡೆ

ಬೆಂಗಳೂರು, ಏ. 23 : ಕಬಡ್ಡಿ ಪಂದ್ಯ ವೇಳೆ 500 ರೂ. ಬೆಟ್ ಕಟ್ಟಿ ಸೋತಿದ್ದೇನೆ ಎಂದು ಹೇಳಿಕೆ ನೀಡಿದ್ದ ಗೃಹ ಸಚಿವ ಜಿ. ಪರಮೇಶ್ವರ ಅವರ ವಿರುದ್ಧ ದಾಖಲಾದ ಬೆಟ್ಟಿಂಗ್ ಪ್ರಕರಣಕ್ಕೆ ಹೈಕೋರ್ಟ ಗುರುವಾರ ತಡೆಯಾಜ್ಞೆ ನೀಡಿದೆ.

ಈ ಸಂಬಂಧ ಪರಮೇಶ್ವರ ವಿರುದ್ಧ ಎಫ್‌ಐಆರ್ ದಾಖಲಿಸಿ ತನಿಖೆ ನಡೆಸುವಂತೆ ಬೆಂಗಳೂರಿನ 42ನೇ ಎಸಿಜೆಎಂ ನ್ಯಾಯಾಲಯ ಮಂಗಳವಾರ ಆದೇಶಿಸಿತ್ತು. ಈ ಆದೇಶವನ್ನು ಪ್ರಶ್ನಿಸಿ ಪರಮೇಶ್ವರ ಹೈಕೋರ್ಟಗೆ ಅರ್ಜಿ ಸಲ್ಲಿಸಿದ್ದರು.

ಅರ್ಜಿಯ ವಿಚಾರಣೆ ನಡೆಸಿದ ನ್ಯಾಯಮೂರ್ತಿ ಸುನಿಲ್ ದತ್ ಯಾದವ್ ಅವರ ಪೀಠ, ತಮಾಷೆಗಾಗಿ ಮಾಡಿದ ಹೇಳಿಕೆಗೆ ಪ್ರಕರಣ ದಾಖಲಿಸುವುದು ಯುಕ್ತವೇ ಎಂಬ ಪ್ರಶ್ನೆ ಎತ್ತಿದೆ. ಉದ್ದೇಶಪೂರ್ವಕವಾಗಿ ಇಂತಹ ಹೇಳಿಕೆ

ನೀಡಿದಂತಿಲ್ಲ ಎಂದು ಅಭಿಪ್ರಾಯಪಟ್ಟ ಪೀಠ, ತನಿಖೆಗೆ ಆದೇಶಿಸುವ ಮೊದಲು ಪೊಲೀಸರಿಂದ ಸ್ಪಷ್ಟನೆ ಪಡೆಯಬೇಕಿತ್ತು ಎಂದು ತಿಳಿಸಿದೆ. ಜೊತೆಗೆ ಪ್ರಕರಣಕ್ಕೆ ತಡೆ ನೀಡಿ ಮುಂದಿನ ವಿಚಾರಣೆಯನ್ನು ಮುಂದೂಡಿದೆ.

ತುಮಕೂರಿನಲ್ಲಿ ನಡೆದ ಕಬಡ್ಡಿ ಪಂದ್ಯ ವೇಳೆ ಜಿಲ್ಲಾಧಿಕಾರಿ ಜತೆ 500 ರೂ. ಬೆಟ್ ಕಟ್ಟಿ ಸೋತಿದ್ದೆ ಎಂದು ಪರಮೇಶ್ವರ ತಮಾಷೆಯಾಗಿ ಹೇಳಿಕೆ ನೀಡಿದ್ದರು. ಆದರೆ ಈ ಹೇಳಿಕೆಯನ್ನು ಗಂಭೀರವಾಗಿ ಪರಿಗಣಿಸಿದ ಎಚ್.ಆರ್. ನಾಗಭೂಷಣ್ ಖಾಸಗಿ ದೂರು ಸಲ್ಲಿಸಿದ್ದರು.

ದೂರು ಆಧಾರವಾಗಿ ವಿಚಾರಣೆ ನಡೆಸಿದ ನ್ಯಾಯಾಲಯ, ಎಫ್‌ಐಆರ್ ದಾಖಲಿಸಿ ತನಿಖೆ ಕೈಗೊಳ್ಳುವಂತೆ ತುಮಕೂರಿನ ಕೊಡಿಗೇಹಳ್ಳಿ ಪೊಲೀಸರಿಗೆ ಸೂಚಿಸಿತ್ತು.

ಎಸ್‌ಎಸ್‌ಎಲ್‌ಸಿ: 7 ವಿದ್ಯಾರ್ಥಿಗಳಿಗೆ 625ರಲ್ಲಿ 625 ಅಂಕ

ಬೆಂಗಳೂರು, ಏ. 23 :ಕರ್ನಾಟಕ ಶಾಲಾ ಪರೀಕ್ಷೆ ಮತ್ತು ಮೌಲ್ಯಮಾಪನ ಮಂಡಳಿ ನಡೆಸಿದ 2025–26ನೇ ಶೈಕ್ಷಣಿಕ ಸಾಲಿನ ಎಸ್‌ಎಸ್‌ಎಲ್‌ಸಿ ವಾರ್ಷಿಕ ಪರೀಕ್ಷೆಯಲ್ಲಿ 7 ವಿದ್ಯಾರ್ಥಿಗಳು 625ರಲ್ಲಿ 625 ಅಂಕಗಳನ್ನು ಗಳಿಸಿ ಶೇ. 100 ಸಾಧನೆ ಮಾಡಿದ್ದಾರೆ.

ಬೆಳಗಾವಿ ಜಿಲ್ಲೆಯ ಅಥಣಿ ತಾಲೂಕಿನ ಕಟಗೇರಿ ಸರಕಾರಿ ಪ್ರೌಢಶಾಲೆಯ ವಿದ್ಯಾರ್ಥಿನಿ ಪ್ರಾರ್ಥನಾ ನಾಗಪ್ಪ, ಉಡುಪಿ ಜಿಲ್ಲೆಯ ಶಂಕರನಾರಾಯಣದ ಮದರ್ ತೆರೇಸಾ ಆಂಗ್ಲ ಮಾಧ್ಯಮ ಶಾಲೆಯ ವಿದ್ಯಾರ್ಥಿ ಪ್ರೀತಂ ಪೂಜಾರಿ, ದಾವಣಗೆರೆ ಜಿಲ್ಲೆಯ ಶ್ರೀ ವಿದ್ಯಾಲಕ್ಷ್ಮೀ ಆಂಗ್ಲ ಮಾಧ್ಯಮ ಶಾಲೆಯ ವಿದ್ಯಾರ್ಥಿ ಭರತ್ ಜಿ., ಚಿಕ್ಕಮಗಳೂರು ಜಿಲ್ಲೆಯ ಸೈಂಟ್ ಮೇರಿಸ್ ಪ್ರೌಢಶಾಲೆಯ ವಿದ್ಯಾರ್ಥಿನಿ ಬೃಂದಾ ಎಂ., ಬೆಂಗಳೂರು ಉತ್ತರ ಜಿಲ್ಲೆಯ ಸದಾಶಿವನಗರದ ಪೂರ್ಣಪ್ರಜ್ಞಾ ಪ್ರೌಢಶಾಲೆಯ ವಿದ್ಯಾರ್ಥಿ ಧನುಷ್ ಸುಧೀರ್, ವಿಜಯಪುರ ಜಿಲ್ಲೆಯ ನಾಗರಬೆತ್ತದ ಆಕ್ಸ್ ಫರ್ಡ್ ಆಂಗ್ಲ ಮಾಧ್ಯಮ ಪ್ರೌಢಶಾಲೆಯ ವಿದ್ಯಾರ್ಥಿನಿ ಸೌಜನ್ಯಾ ಬಸವರಾಜ್ ಹಾಗೂ ರಾಯಚೂರು ಜಿಲ್ಲೆಯ ಮಾನ್ವಿಯ ಬಿವಿಆರ್ ಆಂಗ್ಲ ಮಾಧ್ಯಮ ಪ್ರೌಢಶಾಲೆಯ ವಿದ್ಯಾರ್ಥಿ ಸುಖದೇವ ಅವರು ಈ ಸಾಧನೆ ಮಾಡಿದ್ದಾರೆ.

ಇನ್ನೂ 21 ವಿದ್ಯಾರ್ಥಿಗಳು 625ರಲ್ಲಿ 624 ಅಂಕಗಳನ್ನು ಗಳಿಸಿದ್ದರೆ, 28 ವಿದ್ಯಾರ್ಥಿಗಳು 623 ಅಂಕ ಮತ್ತು 74 ವಿದ್ಯಾರ್ಥಿಗಳು 622 ಅಂಕಗಳನ್ನು ಪಡೆದು ಮೇಲುಗೈ ಸಾಧಿಸಿದ್ದಾರೆ.

ಈ ವರ್ಷದ ಫಲಿತಾಂಶದಲ್ಲಿ ಹೆಚ್ಚು ಸಂಖ್ಯೆಯ ವಿದ್ಯಾರ್ಥಿಗಳು ಅತ್ಯುತ್ತಮ ಅಂಕಗಳನ್ನು ಗಳಿಸಿರುವುದು ಗಮನಾರ್ಹವಾಗಿದ್ದು, ರಾಜ್ಯದ ಶಿಕ್ಷಣ ಕ್ಷೇತ್ರದಲ್ಲಿ ಉತ್ತಮ ಸಾಧನೆ ದಾಖಲಾಗಿದೆ.

ಮೇ 9ಕ್ಕೆ ಚಿತ್ರದುರ್ಗದಲ್ಲಿ 'ಬಿಎಸ್‌ವೈ ಅಭಿಮಾನೋತ್ಸವ' : ಗೋವಿಂದ ಕಾರಜೋಳ
ಬೆಂಗಳೂರು, 23– ಮಾಜಿ ಮುಖ್ಯಮಂತ್ರಿ ಯಡಿಯೂರಪ್ಪನವರ ಅಭಿಮಾನೋತ್ಸವವನ್ನು ಮೇ 9ರಂದು ಚಿತ್ರದುರ್ಗದಲ್ಲಿ ನಡೆಸಲು ಉದ್ದೇಶಿಸಲಾಗಿದ್ದು, ಕೇಂದ್ರ ಗೃಹ ಸಚಿವ ಅಮಿತ್ ಶಾ ಕಾರ್ಯಕ್ರಮದ ಉದ್ಘಾಟನೆ ನೆರವೇರಿಸುವ ನಿರೀಕ್ಷೆಯಿದೆ ಎಂದು ಸಂಸದ ಗೋವಿಂದ ಕಾರಜೋಳ ತಿಳಿಸಿದ್ದಾರೆ. ಗುರುವಾರ ಬಿಜೆಪಿ ಕಾರ್ಯಾಲಯದಲ್ಲಿ ಸುದ್ದಿಗೋಷ್ಠಿಯಲ್ಲಿ ಮಾತನಾಡಿದ ಅವರು, ಯಡಿಯೂರಪ್ಪ ಅವರು ರಾಜ್ಯದಲ್ಲಿ ಬಿಜೆಪಿ ಪಕ್ಷವನ್ನು ಕಟ್ಟಿ ಬೆಳೆಸಿದವರು. ಅವರ ಹೋರಾಟ ಮತ್ತು ಜನಪರ ಆಡಳಿತವನ್ನು ಸ್ಮರಿಸುವ ಉದ್ದೇಶದಿಂದ ಈ ಕಾರ್ಯಕ್ರಮ ಆಯೋಜಿಸಲಾಗಿದೆ. ರೈತರು, ದಲಿತರು, ಹಿಂದುಳಿದ ವರ್ಗಗಳು ಸೇರಿದಂತೆ ಎಲ್ಲ ಸಮುದಾಯಗಳ ಏಳಿಗೆಗೆ ಶ್ರಮಿಸಿದ ಅವರ ಸೇವೆಯನ್ನು ಗೌರವಿಸುವುದು ಕಾರ್ಯಕ್ರಮದ ಉದ್ದೇಶ ಎಂದರು. ಅ.26ರ ಬಳಿಕ ಚಿತ್ರದುರ್ಗದಲ್ಲಿ ಕಾರ್ಯಕ್ರಮ ನಡೆಸಲು ತೀರ್ಮಾನಿಸಲಾಗಿದೆ. ಕಾರ್ಯಕ್ರಮದಲ್ಲಿ ರಾಜ್ಯದ ವಿವಿಧ ಭಾಗಗಳಿಂದ ಲಕ್ಷಾಂತರ ಅಭಿಮಾನಿಗಳು ಪಾಲ್ಗೊಳ್ಳುವ ನಿರೀಕ್ಷೆಯಿದೆ. ಮೇ 9ರ ಅಭಿಮಾನೋತ್ಸವದ ಹಿಂದಿನ ದಿನ ಅಂದರೆ ಮೇ 8ರ ಸಂಜೆ 6 ಗಂಟೆಗೆ ಸಿದ್ಧತಾ ಸಭೆ ನಡೆಯಲಿದ್ದು, ಕಾರ್ಯಕ್ರಮದ ಯಶಸ್ವಿಗೆ ಎಲ್ಲರೂ ಸಹಕರಿಸಬೇಕು ಎಂದು ಮನವಿ ಮಾಡಿದರು. ನಾಡಿನ ಎಲ್ಲ ಮಠಾಧೀಶರು, ಮಾಜಿ ಸಚಿವರು, ಶಾಸಕರು, ಸಂಸದರು, ಗಣ್ಯಾತಿಗಣ್ಯರು, ಜನಪ್ರತಿನಿಧಿಗಳು, ಬಿಜೆಪಿ ಕಾರ್ಯಕರ್ತರು ಸೇರಿ ಸಮಾಜದ ಎಲ್ಲ ರಂಗದವರು ಭಾಗವಹಿಸುತ್ತಾರೆ. ಅಲ್ಲದೆ, ಸಾರ್ವಜನಿಕರು, ರೈತಾಪಿ ವರ್ಗದವರು ಭಾಗವಹಿಸಲಿದ್ದಾರೆ ಎಂದು ಅವರು ಮಾಹಿತಿ ನೀಡಿದರು.
CMYK
